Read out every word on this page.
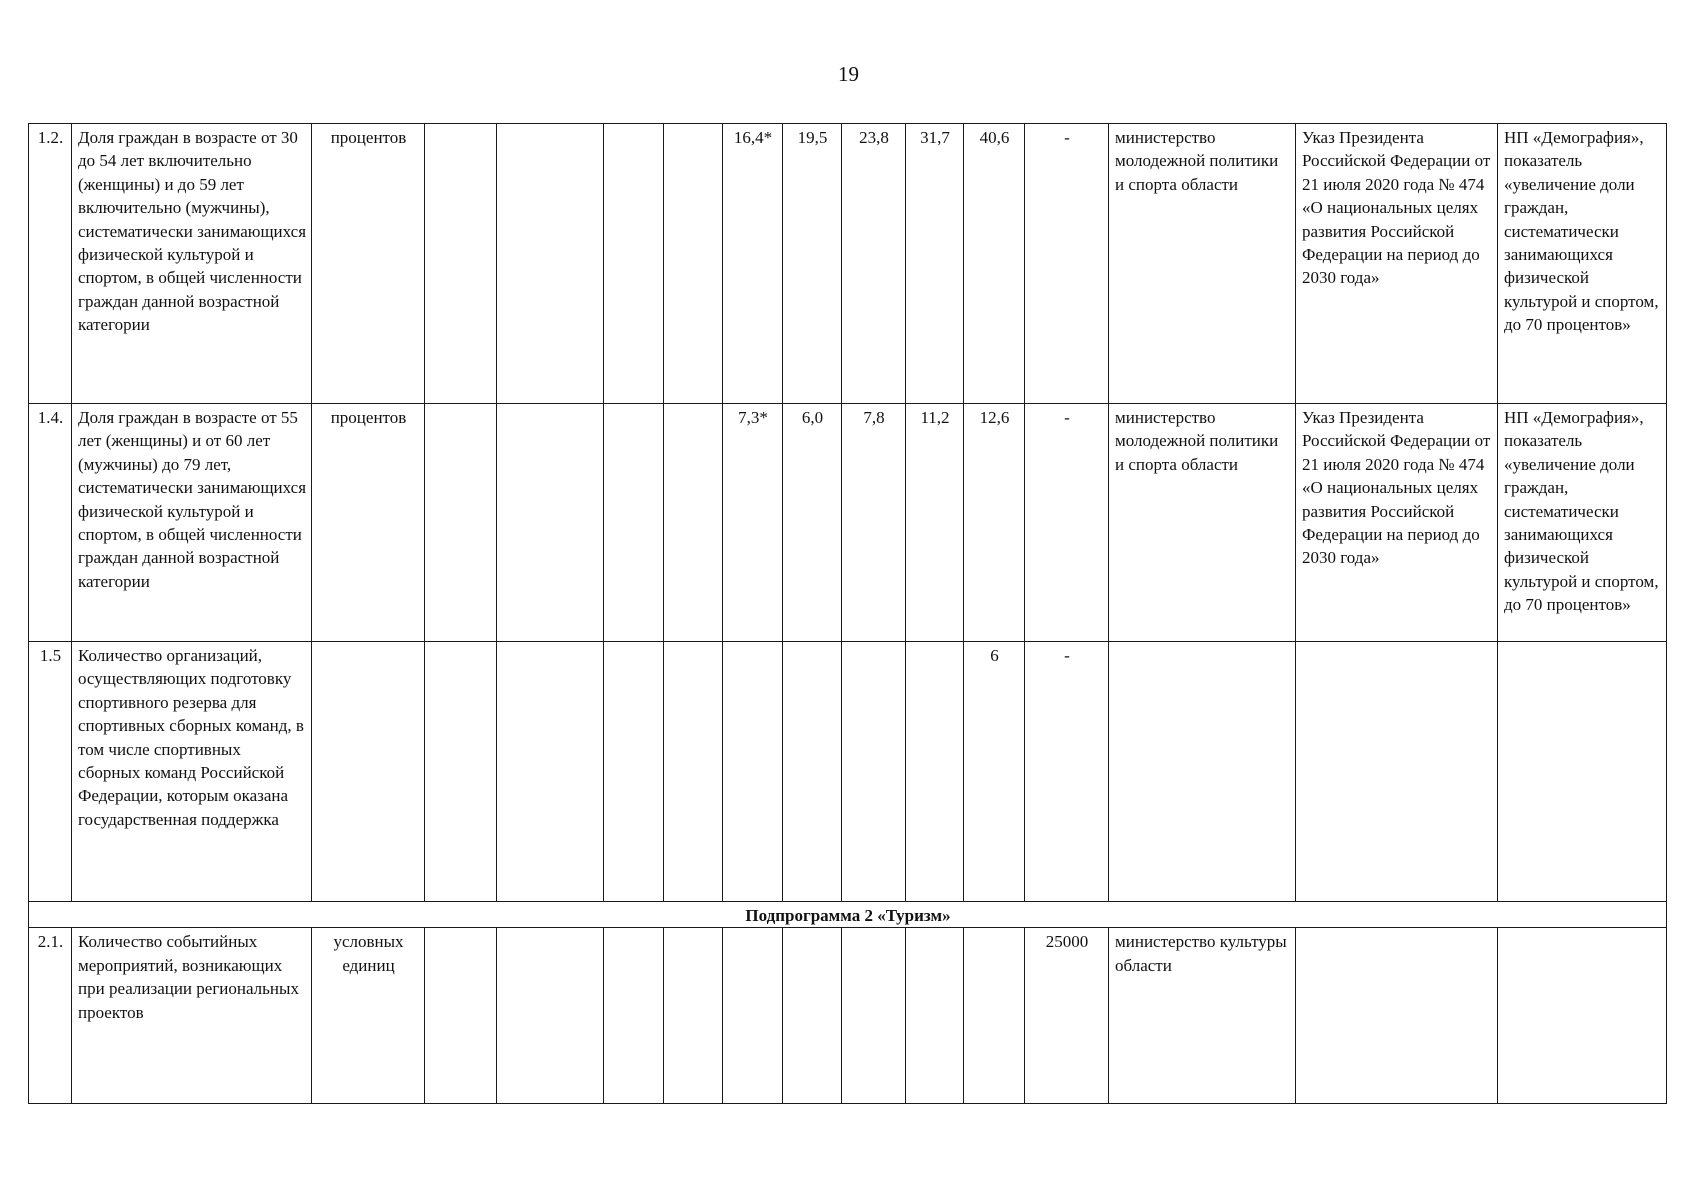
19
1.2.	Доля граждан в возрасте от 30 до 54 лет включительно (женщины) и до 59 лет включительно (мужчины), систематически занимающихся физической культурой и спортом, в общей численности граждан данной возрастной категории	процентов					16,4*	19,5	23,8	31,7	40,6	-	министерство молодежной политики и спорта области	Указ Президента Российской Федерации от 21 июля 2020 года № 474 «О национальных целях развития Российской Федерации на период до 2030 года»	НП «Демография», показатель «увеличение доли граждан, систематически занимающихся физической культурой и спортом, до 70 процентов»
1.4.	Доля граждан в возрасте от 55 лет (женщины) и от 60 лет (мужчины) до 79 лет, систематически занимающихся физической культурой и спортом, в общей численности граждан данной возрастной категории	процентов					7,3*	6,0	7,8	11,2	12,6	-	министерство молодежной политики и спорта области	Указ Президента Российской Федерации от 21 июля 2020 года № 474 «О национальных целях развития Российской Федерации на период до 2030 года»	НП «Демография», показатель «увеличение доли граждан, систематически занимающихся физической культурой и спортом, до 70 процентов»
1.5	Количество организаций, осуществляющих подготовку спортивного резерва для спортивных сборных команд, в том числе спортивных сборных команд Российской Федерации, которым оказана государственная поддержка										6	-			
Подпрограмма 2 «Туризм»															
2.1.	Количество событийных мероприятий, возникающих при реализации региональных проектов	условных единиц										25000	министерство культуры области		
